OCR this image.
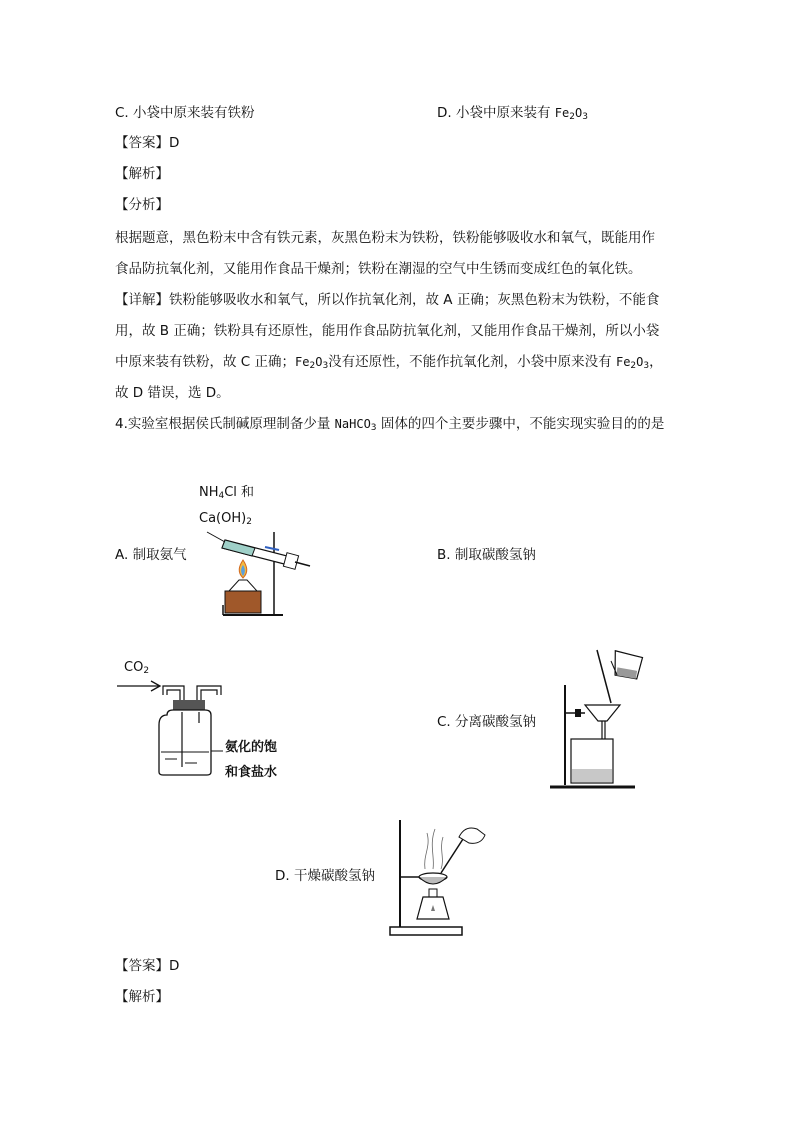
C. 小袋中原来装有铁粉	D. 小袋中原来装有 $Fe_2O_3$
【答案】D
【解析】
【分析】
根据题意，黑色粉末中含有铁元素，灰黑色粉末为铁粉，铁粉能够吸收水和氧气，既能用作
食品防抗氧化剂，又能用作食品干燥剂；铁粉在潮湿的空气中生锈而变成红色的氧化铁。
【详解】铁粉能够吸收水和氧气，所以作抗氧化剂，故 A 正确；灰黑色粉末为铁粉，不能食
用，故 B 正确；铁粉具有还原性，能用作食品防抗氧化剂，又能用作食品干燥剂，所以小袋
中原来装有铁粉，故 C 正确；$Fe_2O_3$没有还原性，不能作抗氧化剂，小袋中原来没有 $Fe_2O_3$，
故 D 错误，选 D。
4.实验室根据侯氏制碱原理制备少量 NaHCO$_3$ 固体的四个主要步骤中，不能实现实验目的的是
A. 制取氨气
$NH_4Cl$ 和
$Ca(OH)_2$
B. 制取碳酸氢钠
$CO_2$
氨化的饱
和食盐水
C. 分离碳酸氢钠
D. 干燥碳酸氢钠
【答案】D
【解析】
